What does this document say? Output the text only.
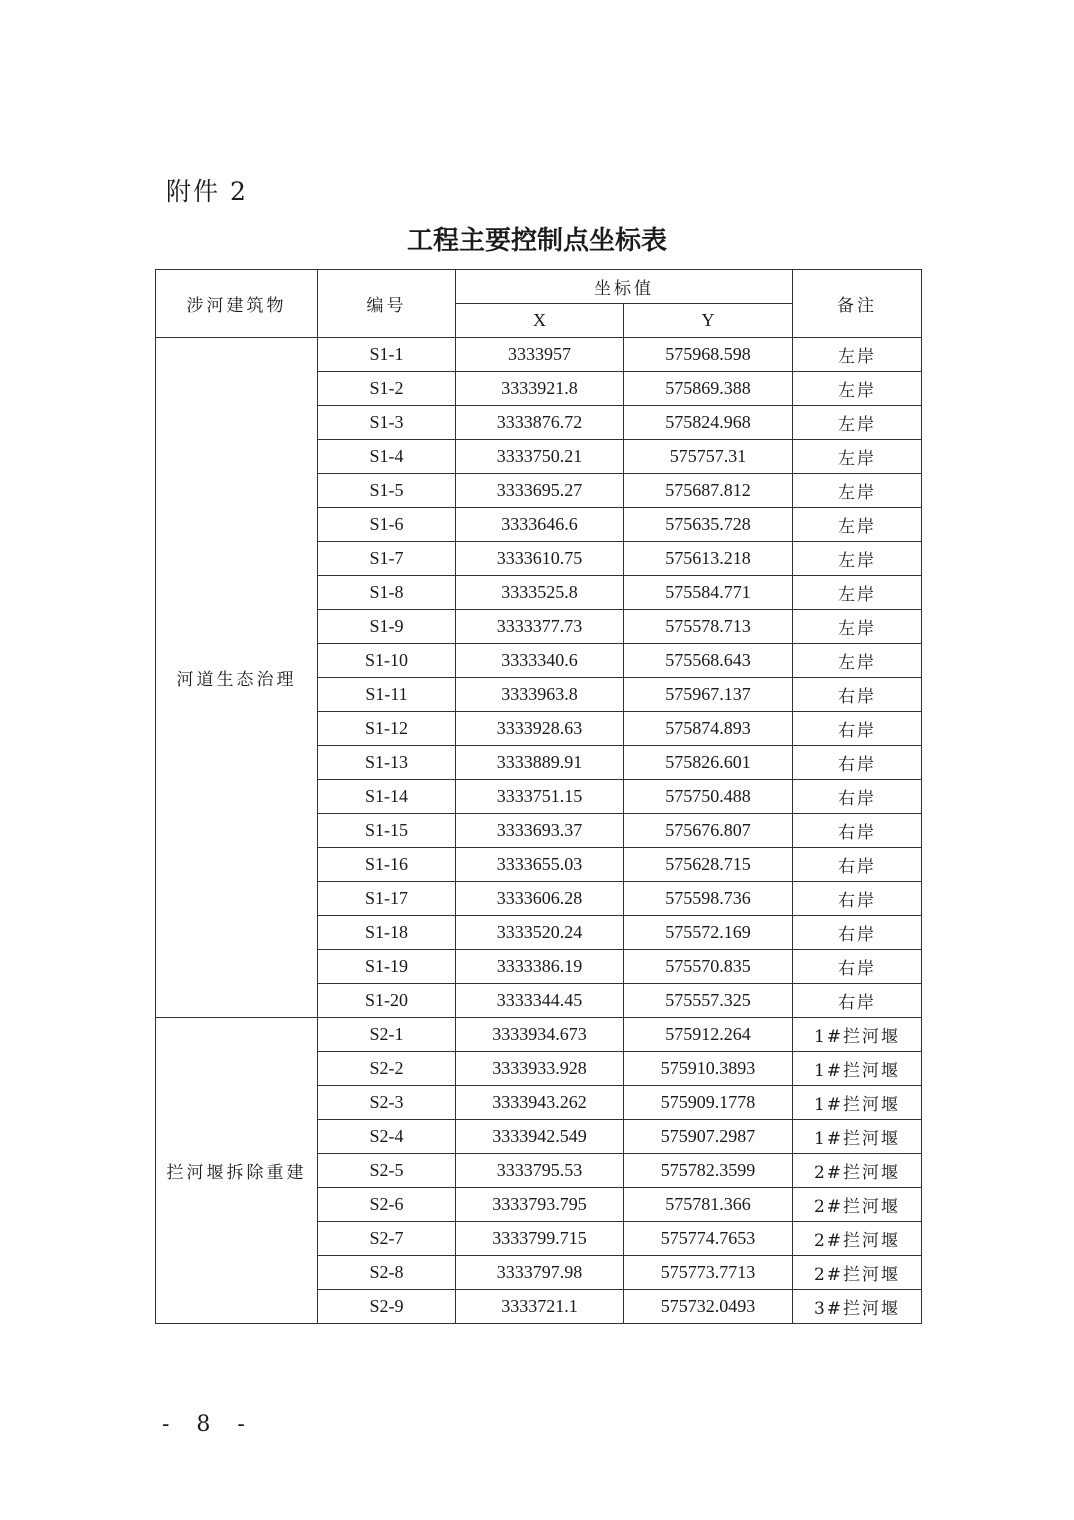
附件 2
工程主要控制点坐标表
涉河建筑物	编号	坐标值		备注
		X	Y	
河道生态治理	S1-1	3333957	575968.598	左岸
	S1-2	3333921.8	575869.388	左岸
	S1-3	3333876.72	575824.968	左岸
	S1-4	3333750.21	575757.31	左岸
	S1-5	3333695.27	575687.812	左岸
	S1-6	3333646.6	575635.728	左岸
	S1-7	3333610.75	575613.218	左岸
	S1-8	3333525.8	575584.771	左岸
	S1-9	3333377.73	575578.713	左岸
	S1-10	3333340.6	575568.643	左岸
	S1-11	3333963.8	575967.137	右岸
	S1-12	3333928.63	575874.893	右岸
	S1-13	3333889.91	575826.601	右岸
	S1-14	3333751.15	575750.488	右岸
	S1-15	3333693.37	575676.807	右岸
	S1-16	3333655.03	575628.715	右岸
	S1-17	3333606.28	575598.736	右岸
	S1-18	3333520.24	575572.169	右岸
	S1-19	3333386.19	575570.835	右岸
	S1-20	3333344.45	575557.325	右岸
拦河堰拆除重建	S2-1	3333934.673	575912.264	1#拦河堰
	S2-2	3333933.928	575910.3893	1#拦河堰
	S2-3	3333943.262	575909.1778	1#拦河堰
	S2-4	3333942.549	575907.2987	1#拦河堰
	S2-5	3333795.53	575782.3599	2#拦河堰
	S2-6	3333793.795	575781.366	2#拦河堰
	S2-7	3333799.715	575774.7653	2#拦河堰
	S2-8	3333797.98	575773.7713	2#拦河堰
	S2-9	3333721.1	575732.0493	3#拦河堰
- 8 -
